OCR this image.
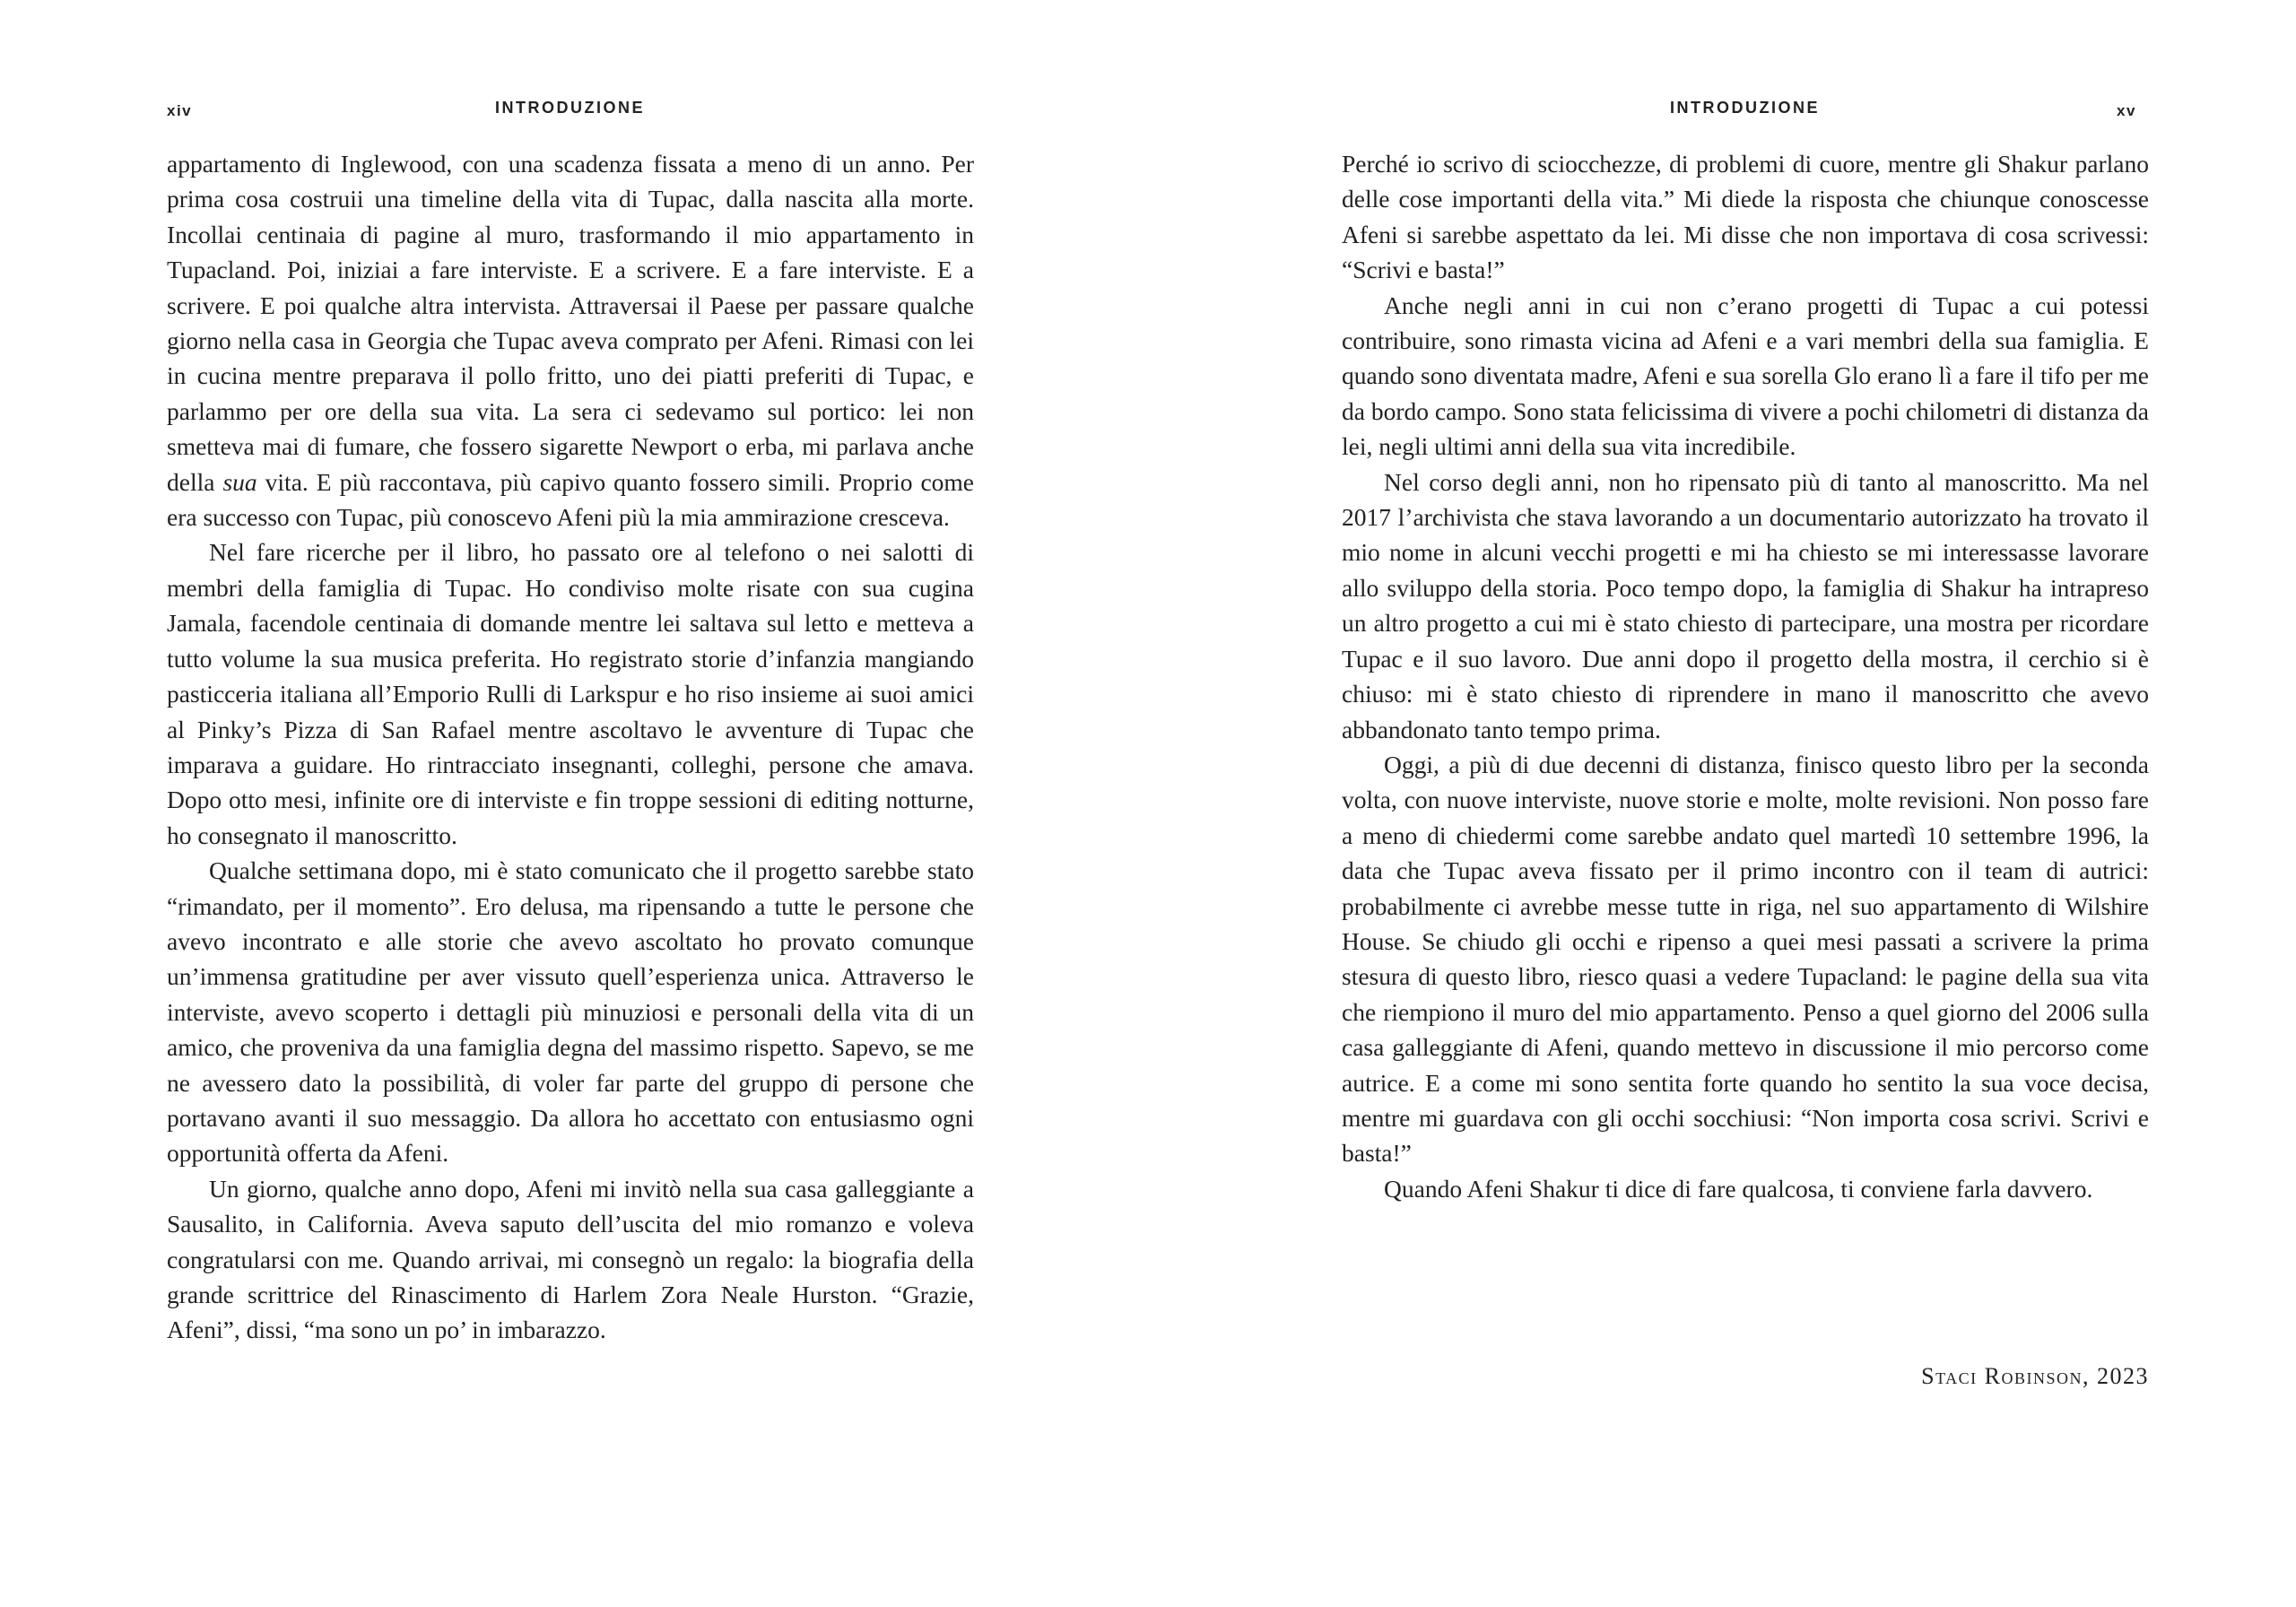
xiv	INTRODUZIONE

appartamento di Inglewood, con una scadenza fissata a meno di un anno. Per prima cosa costruii una timeline della vita di Tupac, dalla nascita alla morte. Incollai centinaia di pagine al muro, trasformando il mio appartamento in Tupacland. Poi, iniziai a fare interviste. E a scrivere. E a fare interviste. E a scrivere. E poi qualche altra intervista. Attraversai il Paese per passare qualche giorno nella casa in Georgia che Tupac aveva comprato per Afeni. Rimasi con lei in cucina mentre preparava il pollo fritto, uno dei piatti preferiti di Tupac, e parlammo per ore della sua vita. La sera ci sedevamo sul portico: lei non smetteva mai di fumare, che fossero sigarette Newport o erba, mi parlava anche della sua vita. E più raccontava, più capivo quanto fossero simili. Proprio come era successo con Tupac, più conoscevo Afeni più la mia ammirazione cresceva.

Nel fare ricerche per il libro, ho passato ore al telefono o nei salotti di membri della famiglia di Tupac. Ho condiviso molte risate con sua cugina Jamala, facendole centinaia di domande mentre lei saltava sul letto e metteva a tutto volume la sua musica preferita. Ho registrato storie d’infanzia mangiando pasticceria italiana all’Emporio Rulli di Larkspur e ho riso insieme ai suoi amici al Pinky’s Pizza di San Rafael mentre ascoltavo le avventure di Tupac che imparava a guidare. Ho rintracciato insegnanti, colleghi, persone che amava. Dopo otto mesi, infinite ore di interviste e fin troppe sessioni di editing notturne, ho consegnato il manoscritto.

Qualche settimana dopo, mi è stato comunicato che il progetto sarebbe stato “rimandato, per il momento”. Ero delusa, ma ripensando a tutte le persone che avevo incontrato e alle storie che avevo ascoltato ho provato comunque un’immensa gratitudine per aver vissuto quell’esperienza unica. Attraverso le interviste, avevo scoperto i dettagli più minuziosi e personali della vita di un amico, che proveniva da una famiglia degna del massimo rispetto. Sapevo, se me ne avessero dato la possibilità, di voler far parte del gruppo di persone che portavano avanti il suo messaggio. Da allora ho accettato con entusiasmo ogni opportunità offerta da Afeni.

Un giorno, qualche anno dopo, Afeni mi invitò nella sua casa galleggiante a Sausalito, in California. Aveva saputo dell’uscita del mio romanzo e voleva congratularsi con me. Quando arrivai, mi consegnò un regalo: la biografia della grande scrittrice del Rinascimento di Harlem Zora Neale Hurston. “Grazie, Afeni”, dissi, “ma sono un po’ in imbarazzo.

INTRODUZIONE	xv

Perché io scrivo di sciocchezze, di problemi di cuore, mentre gli Shakur parlano delle cose importanti della vita.” Mi diede la risposta che chiunque conoscesse Afeni si sarebbe aspettato da lei. Mi disse che non importava di cosa scrivessi: “Scrivi e basta!”

Anche negli anni in cui non c’erano progetti di Tupac a cui potessi contribuire, sono rimasta vicina ad Afeni e a vari membri della sua famiglia. E quando sono diventata madre, Afeni e sua sorella Glo erano lì a fare il tifo per me da bordo campo. Sono stata felicissima di vivere a pochi chilometri di distanza da lei, negli ultimi anni della sua vita incredibile.

Nel corso degli anni, non ho ripensato più di tanto al manoscritto. Ma nel 2017 l’archivista che stava lavorando a un documentario autorizzato ha trovato il mio nome in alcuni vecchi progetti e mi ha chiesto se mi interessasse lavorare allo sviluppo della storia. Poco tempo dopo, la famiglia di Shakur ha intrapreso un altro progetto a cui mi è stato chiesto di partecipare, una mostra per ricordare Tupac e il suo lavoro. Due anni dopo il progetto della mostra, il cerchio si è chiuso: mi è stato chiesto di riprendere in mano il manoscritto che avevo abbandonato tanto tempo prima.

Oggi, a più di due decenni di distanza, finisco questo libro per la seconda volta, con nuove interviste, nuove storie e molte, molte revisioni. Non posso fare a meno di chiedermi come sarebbe andato quel martedì 10 settembre 1996, la data che Tupac aveva fissato per il primo incontro con il team di autrici: probabilmente ci avrebbe messe tutte in riga, nel suo appartamento di Wilshire House. Se chiudo gli occhi e ripenso a quei mesi passati a scrivere la prima stesura di questo libro, riesco quasi a vedere Tupacland: le pagine della sua vita che riempiono il muro del mio appartamento. Penso a quel giorno del 2006 sulla casa galleggiante di Afeni, quando mettevo in discussione il mio percorso come autrice. E a come mi sono sentita forte quando ho sentito la sua voce decisa, mentre mi guardava con gli occhi socchiusi: “Non importa cosa scrivi. Scrivi e basta!”

Quando Afeni Shakur ti dice di fare qualcosa, ti conviene farla davvero.

Staci Robinson, 2023
